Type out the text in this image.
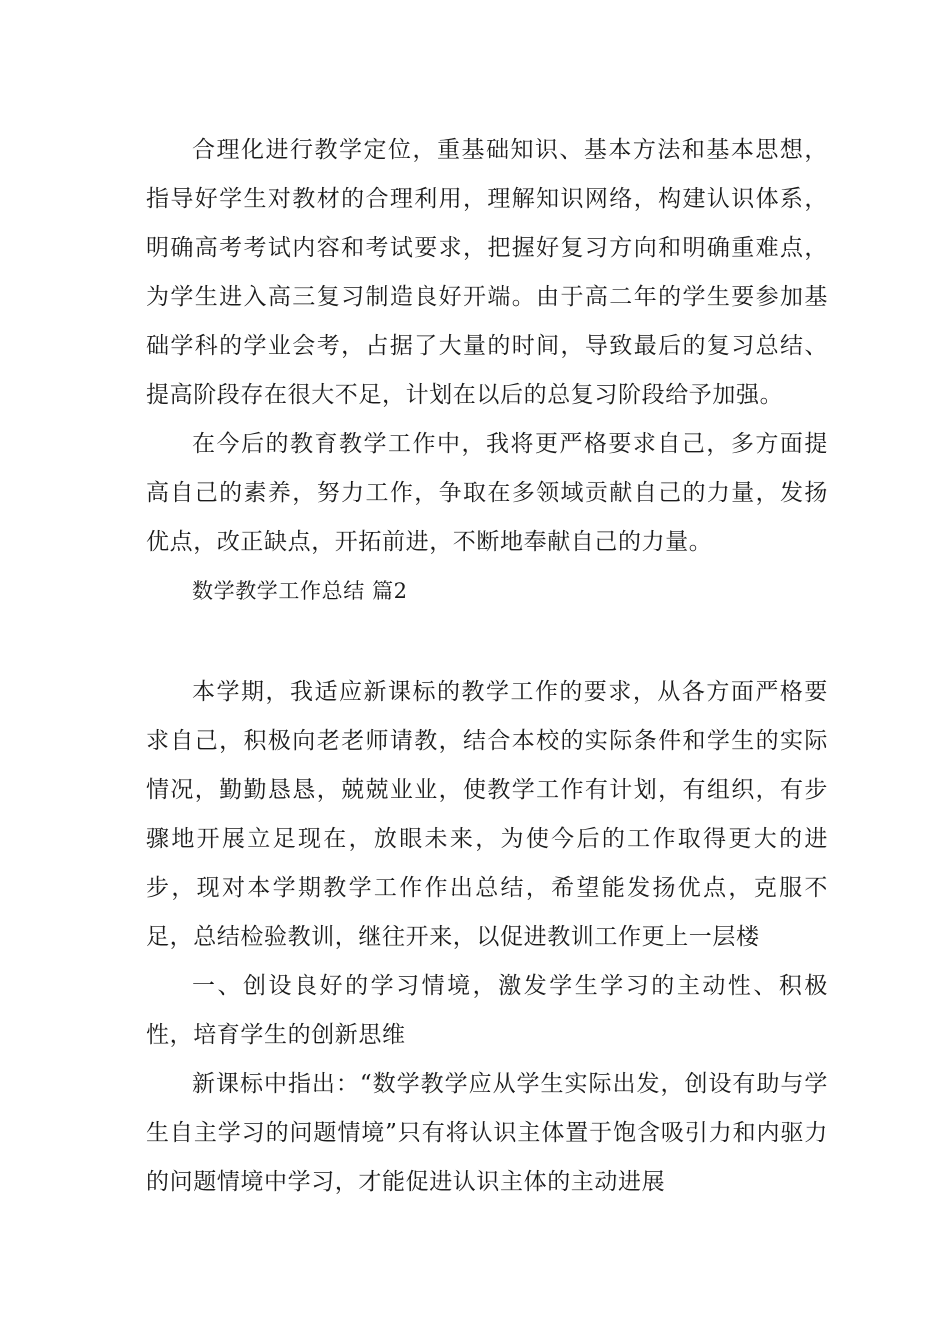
合理化进行教学定位，重基础知识、基本方法和基本思想，指导好学生对教材的合理利用，理解知识网络，构建认识体系，明确高考考试内容和考试要求，把握好复习方向和明确重难点，为学生进入高三复习制造良好开端。由于高二年的学生要参加基础学科的学业会考，占据了大量的时间，导致最后的复习总结、提高阶段存在很大不足，计划在以后的总复习阶段给予加强。

在今后的教育教学工作中，我将更严格要求自己，多方面提高自己的素养，努力工作，争取在多领域贡献自己的力量，发扬优点，改正缺点，开拓前进，不断地奉献自己的力量。

数学教学工作总结 篇2

本学期，我适应新课标的教学工作的要求，从各方面严格要求自己，积极向老老师请教，结合本校的实际条件和学生的实际情况，勤勤恳恳，兢兢业业，使教学工作有计划，有组织，有步骤地开展立足现在，放眼未来，为使今后的工作取得更大的进步，现对本学期教学工作作出总结，希望能发扬优点，克服不足，总结检验教训，继往开来，以促进教训工作更上一层楼

一、创设良好的学习情境，激发学生学习的主动性、积极性，培育学生的创新思维

新课标中指出：“数学教学应从学生实际出发，创设有助与学生自主学习的问题情境”只有将认识主体置于饱含吸引力和内驱力的问题情境中学习，才能促进认识主体的主动进展
